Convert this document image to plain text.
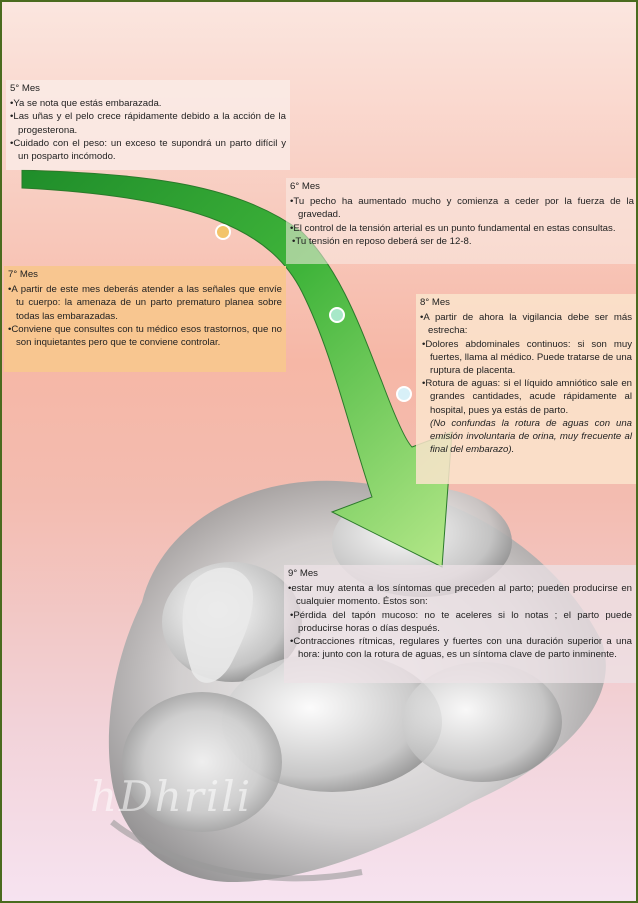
hDhrili
5° Mes

•Ya se nota que estás embarazada.

•Las uñas y el pelo crece rápidamente debido a la acción de la progesterona.

•Cuidado con el peso: un exceso te supondrá un parto difícil y un posparto incómodo.

6° Mes

•Tu pecho ha aumentado mucho y comienza a ceder por la fuerza de la gravedad.

•El control de la tensión arterial es un punto fundamental en estas consultas.

•Tu tensión en reposo deberá ser de 12-8.

7° Mes

•A partir de este mes deberás atender a las señales que envíe tu cuerpo: la amenaza de un parto prematuro planea sobre todas las embarazadas.

•Conviene que consultes con tu médico esos trastornos, que no son inquietantes pero que te conviene controlar.

8° Mes

•A partir de ahora la vigilancia debe ser más estrecha:

•Dolores abdominales continuos: si son muy fuertes, llama al médico. Puede tratarse de una ruptura de placenta.

•Rotura de aguas: si el líquido amniótico sale en grandes cantidades, acude rápidamente al hospital, pues ya estás de parto.

(No confundas la rotura de aguas con una emisión involuntaria de orina, muy frecuente al final del embarazo).

9° Mes

•estar muy atenta a los síntomas que preceden al parto; pueden producirse en cualquier momento. Éstos son:

•Pérdida del tapón mucoso: no te aceleres si lo notas ; el parto puede producirse horas o días después.

•Contracciones rítmicas, regulares y fuertes con una duración superior a una hora: junto con la rotura de aguas, es un síntoma clave de parto inminente.
